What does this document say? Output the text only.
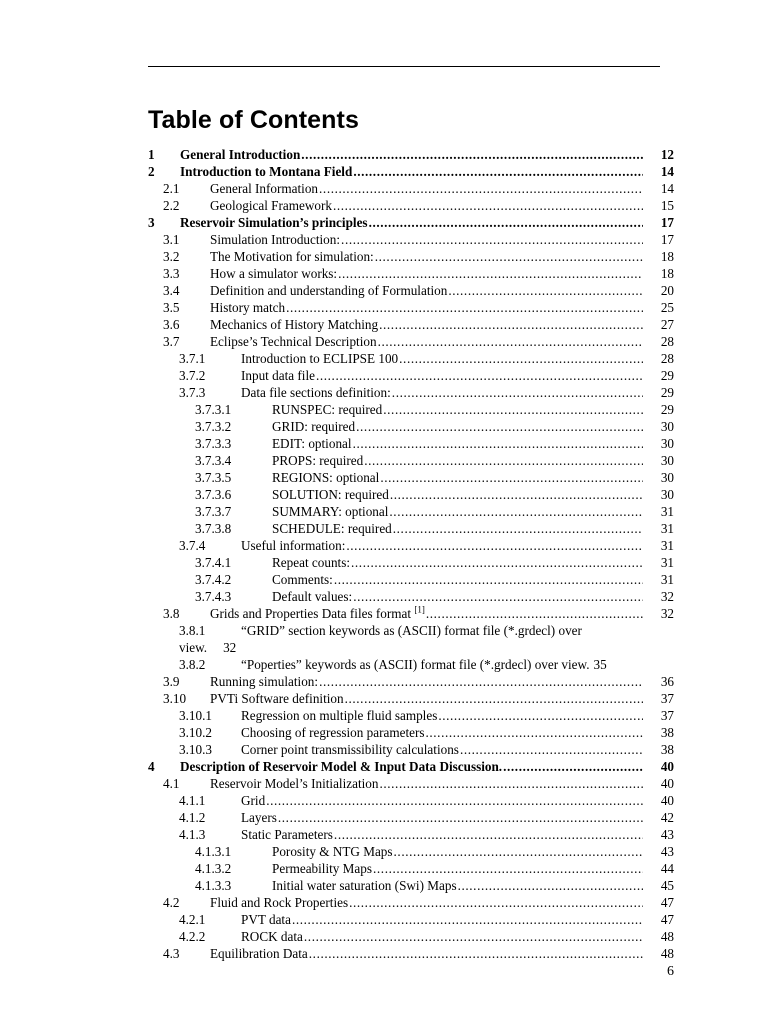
Table of Contents
1 General Introduction .....	12
2 Introduction to Montana Field .....	14
2.1 General Information .....	14
2.2 Geological Framework .....	15
3 Reservoir Simulation’s principles .....	17
3.1 Simulation Introduction: .....	17
3.2 The Motivation for simulation: .....	18
3.3 How a simulator works: .....	18
3.4 Definition and understanding of Formulation .....	20
3.5 History match .....	25
3.6 Mechanics of History Matching .....	27
3.7 Eclipse’s Technical Description .....	28
3.7.1	Introduction to ECLIPSE 100 .....	28
3.7.2	Input data file .....	29
3.7.3	Data file sections definition: .....	29
3.7.3.1	RUNSPEC: required .....	29
3.7.3.2	GRID: required .....	30
3.7.3.3	EDIT: optional .....	30
3.7.3.4	PROPS: required .....	30
3.7.3.5	REGIONS: optional .....	30
3.7.3.6	SOLUTION: required .....	30
3.7.3.7	SUMMARY: optional .....	31
3.7.3.8	SCHEDULE: required .....	31
3.7.4	Useful information: .....	31
3.7.4.1	Repeat counts: .....	31
3.7.4.2	Comments: .....	31
3.7.4.3	Default values: .....	32
3.8 Grids and Properties Data files format [1] .....	32
3.8.1	“GRID” section keywords as (ASCII) format file (*.grdecl) over
view. 32
3.8.2	“Poperties” keywords as (ASCII) format file (*.grdecl) over view. 35
3.9 Running simulation: .....	36
3.10 PVTi Software definition .....	37
3.10.1 Regression on multiple fluid samples .....	37
3.10.2 Choosing of regression parameters .....	38
3.10.3 Corner point transmissibility calculations .....	38
4 Description of Reservoir Model & Input Data Discussion. .....	40
4.1 Reservoir Model’s Initialization .....	40
4.1.1	Grid .....	40
4.1.2	Layers .....	42
4.1.3	Static Parameters .....	43
4.1.3.1	Porosity & NTG Maps .....	43
4.1.3.2	Permeability Maps .....	44
4.1.3.3	Initial water saturation (Swi) Maps .....	45
4.2 Fluid and Rock Properties .....	47
4.2.1	PVT data .....	47
4.2.2	ROCK data .....	48
4.3 Equilibration Data .....	48
6
